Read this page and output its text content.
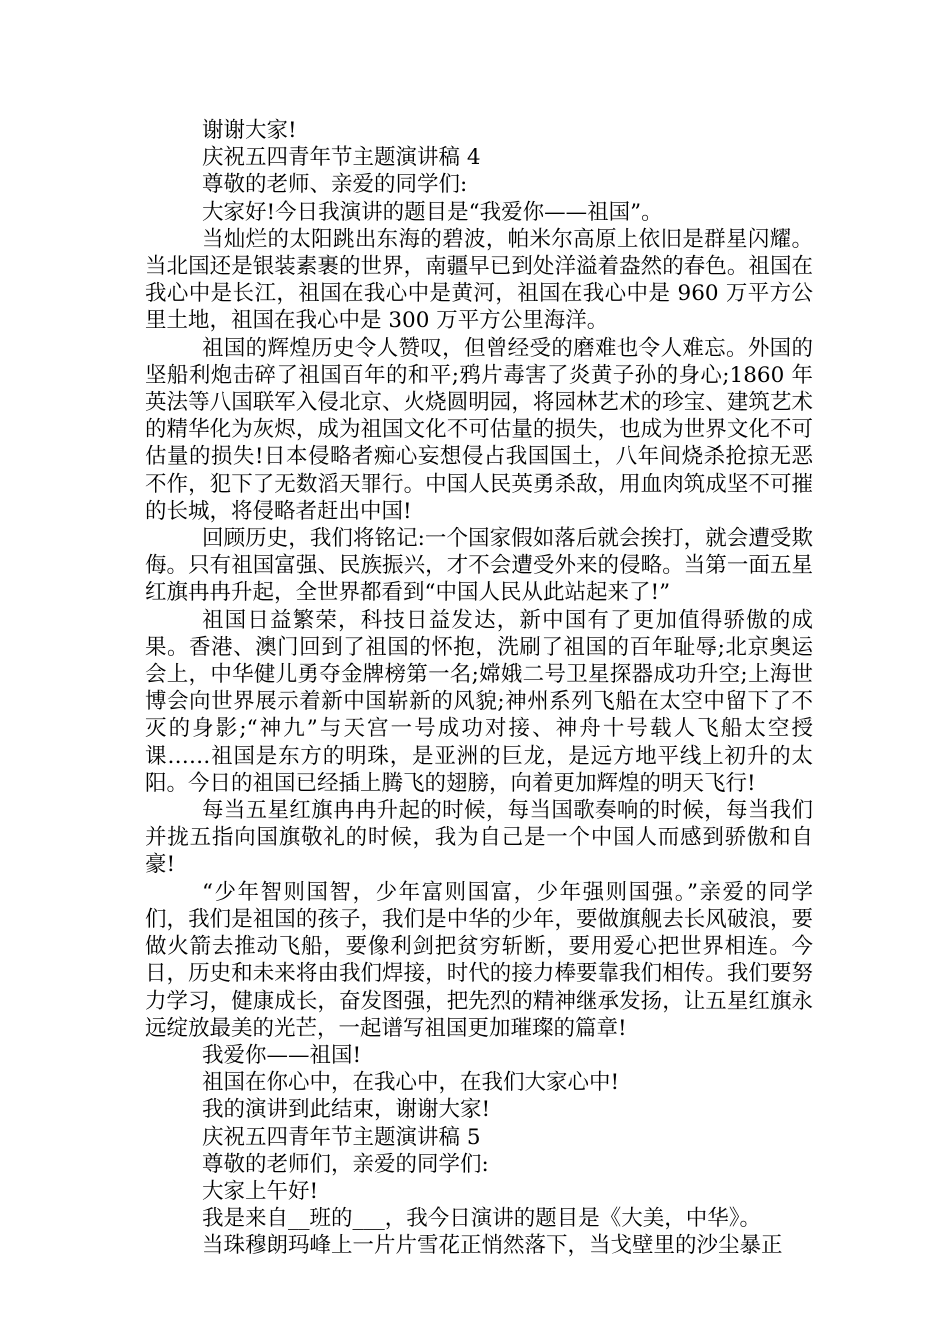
谢谢大家!

庆祝五四青年节主题演讲稿 4

尊敬的老师、亲爱的同学们:

大家好!今日我演讲的题目是“我爱你——祖国”。

当灿烂的太阳跳出东海的碧波，帕米尔高原上依旧是群星闪耀。当北国还是银装素裹的世界，南疆早已到处洋溢着盎然的春色。祖国在我心中是长江，祖国在我心中是黄河，祖国在我心中是 960 万平方公里土地，祖国在我心中是 300 万平方公里海洋。

祖国的辉煌历史令人赞叹，但曾经受的磨难也令人难忘。外国的坚船利炮击碎了祖国百年的和平;鸦片毒害了炎黄子孙的身心;1860 年英法等八国联军入侵北京、火烧圆明园，将园林艺术的珍宝、建筑艺术的精华化为灰烬，成为祖国文化不可估量的损失，也成为世界文化不可估量的损失!日本侵略者痴心妄想侵占我国国土，八年间烧杀抢掠无恶不作，犯下了无数滔天罪行。中国人民英勇杀敌，用血肉筑成坚不可摧的长城，将侵略者赶出中国!

回顾历史，我们将铭记:一个国家假如落后就会挨打，就会遭受欺侮。只有祖国富强、民族振兴，才不会遭受外来的侵略。当第一面五星红旗冉冉升起，全世界都看到“中国人民从此站起来了!”

祖国日益繁荣，科技日益发达，新中国有了更加值得骄傲的成果。香港、澳门回到了祖国的怀抱，洗刷了祖国的百年耻辱;北京奥运会上，中华健儿勇夺金牌榜第一名;嫦娥二号卫星探器成功升空;上海世博会向世界展示着新中国崭新的风貌;神州系列飞船在太空中留下了不灭的身影;“神九”与天宫一号成功对接、神舟十号载人飞船太空授课……祖国是东方的明珠，是亚洲的巨龙，是远方地平线上初升的太阳。今日的祖国已经插上腾飞的翅膀，向着更加辉煌的明天飞行!

每当五星红旗冉冉升起的时候，每当国歌奏响的时候，每当我们并拢五指向国旗敬礼的时候，我为自己是一个中国人而感到骄傲和自豪!

“少年智则国智，少年富则国富，少年强则国强。”亲爱的同学们，我们是祖国的孩子，我们是中华的少年，要做旗舰去长风破浪，要做火箭去推动飞船，要像利剑把贫穷斩断，要用爱心把世界相连。今日，历史和未来将由我们焊接，时代的接力棒要靠我们相传。我们要努力学习，健康成长，奋发图强，把先烈的精神继承发扬，让五星红旗永远绽放最美的光芒，一起谱写祖国更加璀璨的篇章!

我爱你——祖国!

祖国在你心中，在我心中，在我们大家心中!

我的演讲到此结束，谢谢大家!

庆祝五四青年节主题演讲稿 5

尊敬的老师们，亲爱的同学们:

大家上午好!

我是来自__班的___，我今日演讲的题目是《大美，中华》。

当珠穆朗玛峰上一片片雪花正悄然落下，当戈壁里的沙尘暴正
